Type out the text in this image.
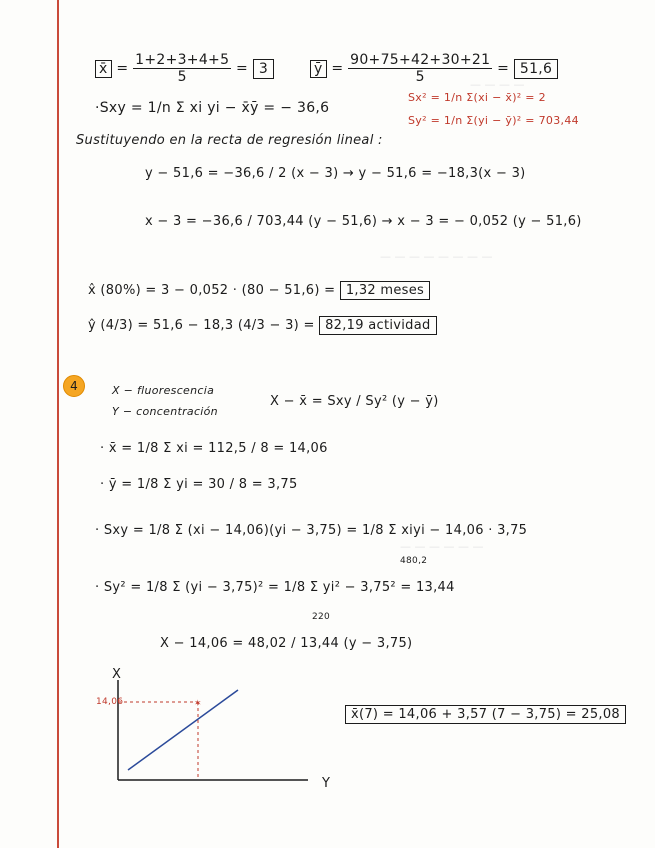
— — — —
— — — — — — — —
— — — — — —
x̄ = $\frac{1+2+3+4+5}{5} = 3$	ȳ = $\frac{90+75+42+30+21}{5} = 51,6$
Sx² = 1/n Σ(xi − x̄)² = 2
Sy² = 1/n Σ(yi − ȳ)² = 703,44
·Sxy = 1/n Σ xi yi − x̄ȳ = − 36,6
Sustituyendo en la recta de regresión lineal :
y − 51,6 = −36,6 / 2 (x − 3) → y − 51,6 = −18,3(x − 3)
x − 3 = −36,6 / 703,44 (y − 51,6) → x − 3 = − 0,052 (y − 51,6)
x̂ (80%) = 3 − 0,052 · (80 − 51,6) = 1,32 meses
ŷ (4/3) = 51,6 − 18,3 (4/3 − 3) = 82,19 actividad
4	X − fluorescencia
Y − concentración
X − x̄ = Sxy / Sy² (y − ȳ)
· x̄ = 1/8 Σ xi = 112,5 / 8 = 14,06
· ȳ = 1/8 Σ yi = 30 / 8 = 3,75
· Sxy = 1/8 Σ (xi − 14,06)(yi − 3,75) = 1/8 Σ xiyi − 14,06 · 3,75
480,2
· Sy² = 1/8 Σ (yi − 3,75)² = 1/8 Σ yi² − 3,75² = 13,44
220
X − 14,06 = 48,02 / 13,44 (y − 3,75)
✶
X
Y
14,06
x̄(7) = 14,06 + 3,57 (7 − 3,75) = 25,08
